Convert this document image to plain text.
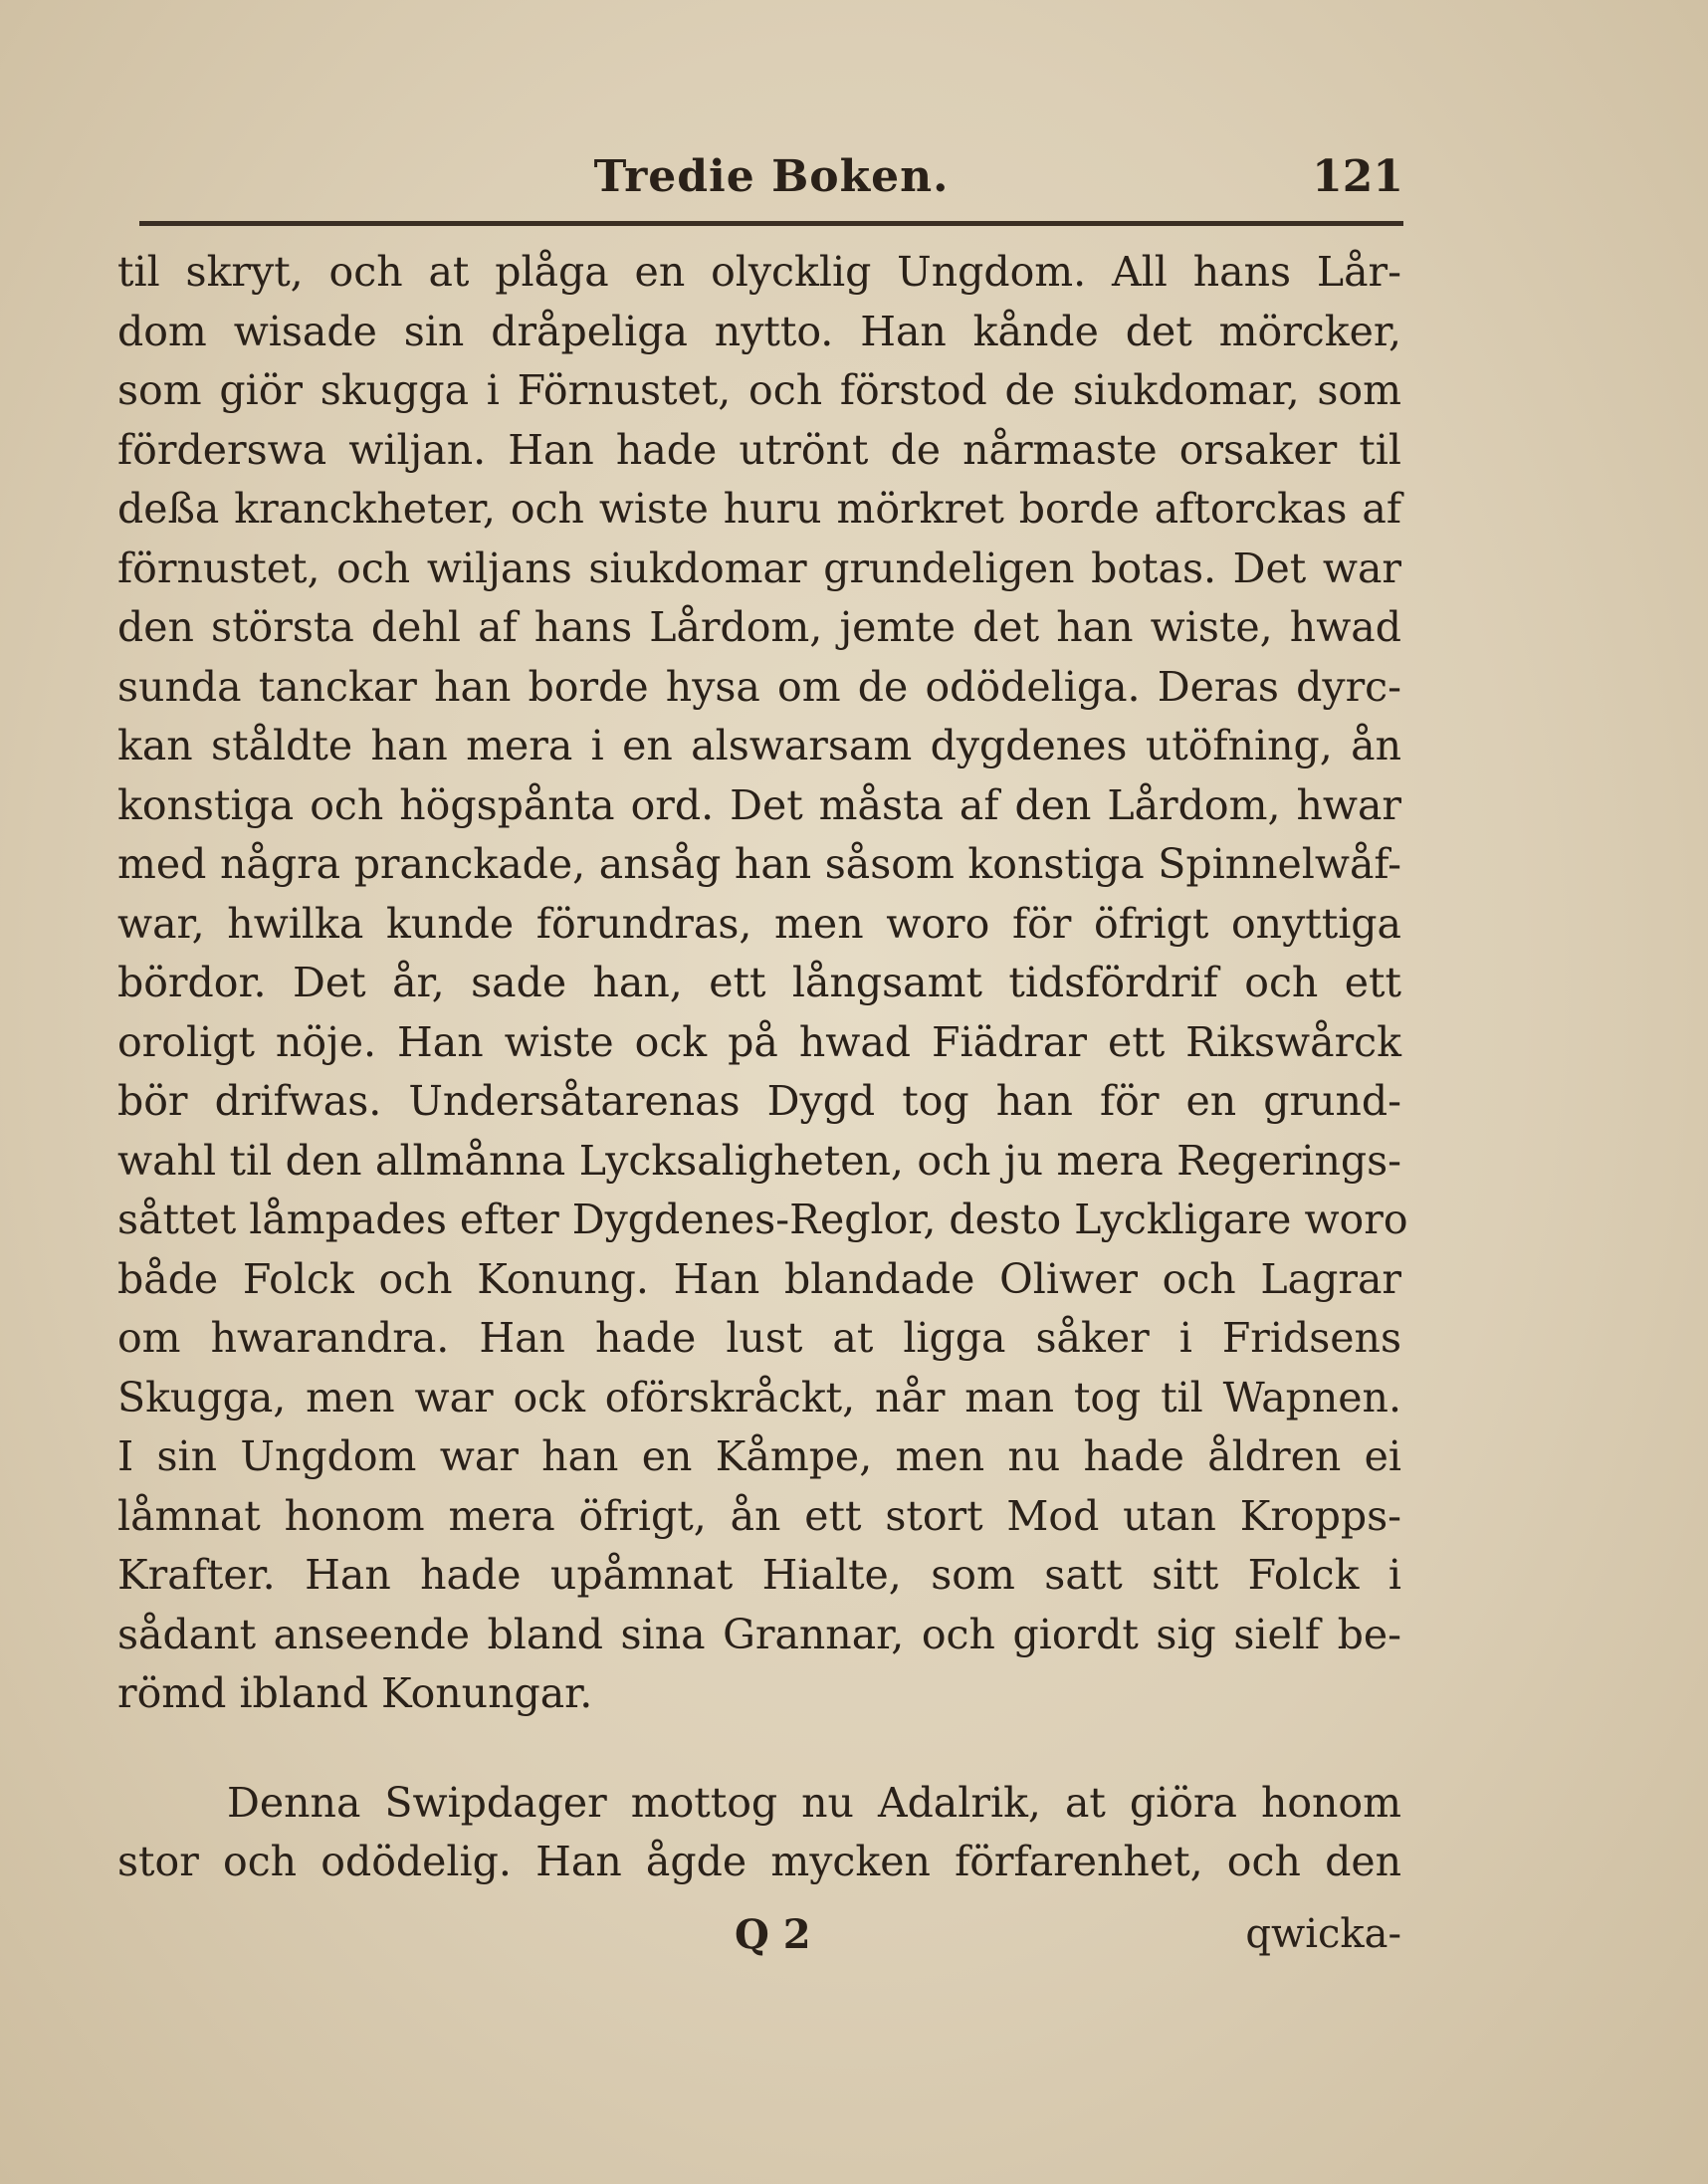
Tredie Boken.	121
til skryt, och at plåga en olycklig Ungdom. All hans Lår-
dom wisade sin dråpeliga nytto. Han kånde det mörcker,
som giör skugga i Förnustet, och förstod de siukdomar, som
förderswa wiljan. Han hade utrönt de nårmaste orsaker til
deßa kranckheter, och wiste huru mörkret borde aftorckas af
förnustet, och wiljans siukdomar grundeligen botas. Det war
den största dehl af hans Lårdom, jemte det han wiste, hwad
sunda tanckar han borde hysa om de odödeliga. Deras dyrc-
kan ståldte han mera i en alswarsam dygdenes utöfning, ån
konstiga och högspånta ord. Det måsta af den Lårdom, hwar
med några pranckade, ansåg han såsom konstiga Spinnelwåf-
war, hwilka kunde förundras, men woro för öfrigt onyttiga
bördor. Det år, sade han, ett långsamt tidsfördrif och ett
oroligt nöje. Han wiste ock på hwad Fiädrar ett Rikswårck
bör drifwas. Undersåtarenas Dygd tog han för en grund-
wahl til den allmånna Lycksaligheten, och ju mera Regerings-
såttet låmpades efter Dygdenes-Reglor, desto Lyckligare woro
både Folck och Konung. Han blandade Oliwer och Lagrar
om hwarandra. Han hade lust at ligga såker i Fridsens
Skugga, men war ock oförskråckt, når man tog til Wapnen.
I sin Ungdom war han en Kåmpe, men nu hade åldren ei
låmnat honom mera öfrigt, ån ett stort Mod utan Kropps-
Krafter. Han hade upåmnat Hialte, som satt sitt Folck i
sådant anseende bland sina Grannar, och giordt sig sielf be-
römd ibland Konungar.
Denna Swipdager mottog nu Adalrik, at giöra honom
stor och odödelig. Han ågde mycken förfarenhet, och den
Q 2	qwicka-
